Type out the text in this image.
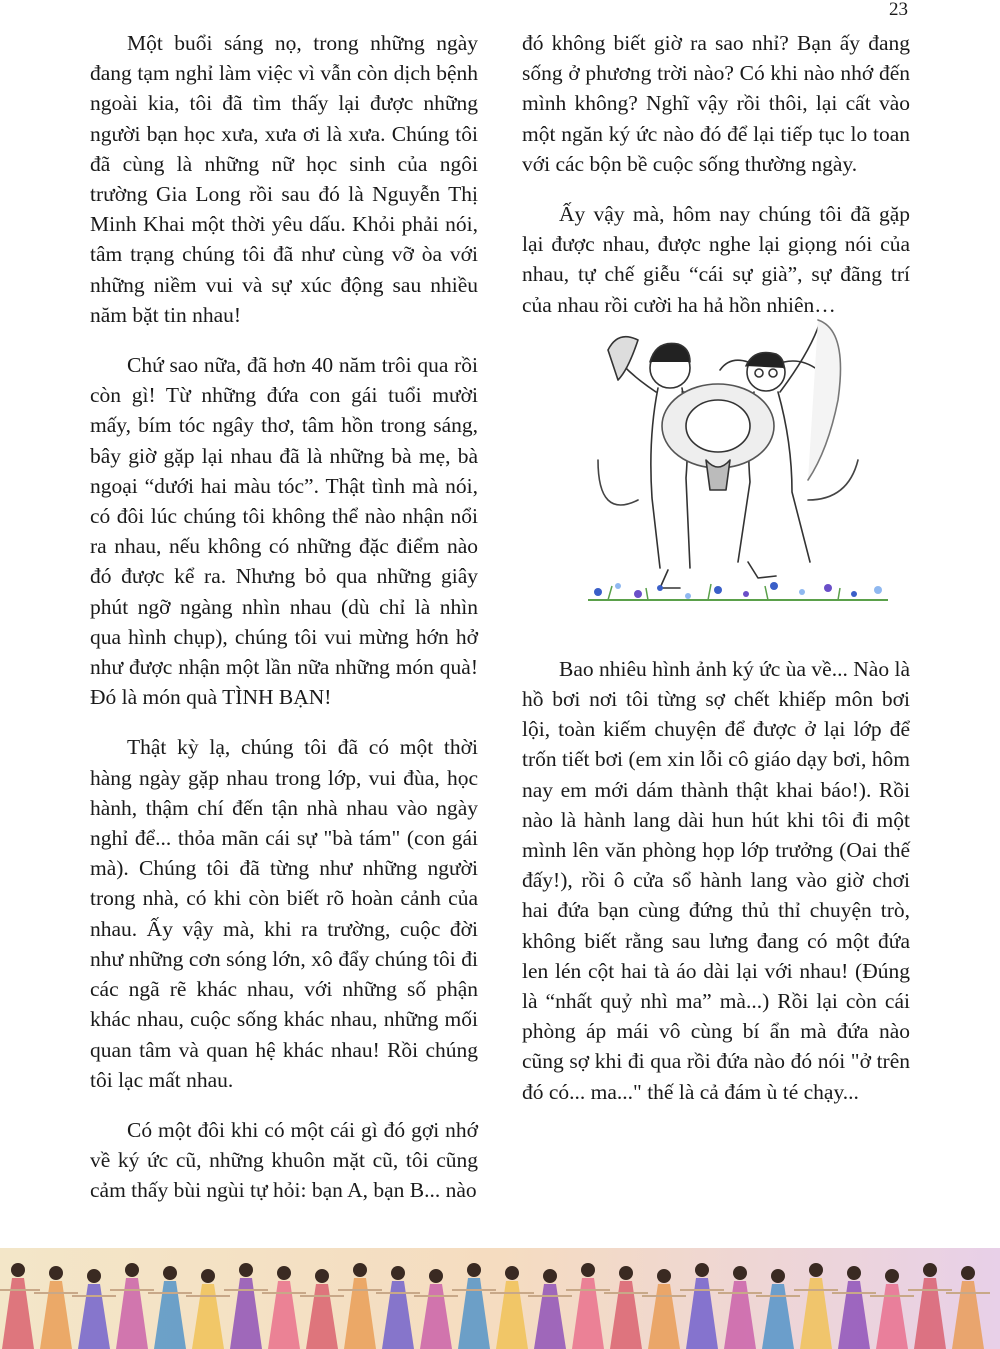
23

Một buổi sáng nọ, trong những ngày đang tạm nghỉ làm việc vì vẫn còn dịch bệnh ngoài kia, tôi đã tìm thấy lại được những người bạn học xưa, xưa ơi là xưa. Chúng tôi đã cùng là những nữ học sinh của ngôi trường Gia Long rồi sau đó là Nguyễn Thị Minh Khai một thời yêu dấu. Khỏi phải nói, tâm trạng chúng tôi đã như cùng vỡ òa với những niềm vui và sự xúc động sau nhiều năm bặt tin nhau!

Chứ sao nữa, đã hơn 40 năm trôi qua rồi còn gì! Từ những đứa con gái tuổi mười mấy, bím tóc ngây thơ, tâm hồn trong sáng, bây giờ gặp lại nhau đã là những bà mẹ, bà ngoại “dưới hai màu tóc”. Thật tình mà nói, có đôi lúc chúng tôi không thể nào nhận nổi ra nhau, nếu không có những đặc điểm nào đó được kể ra. Nhưng bỏ qua những giây phút ngỡ ngàng nhìn nhau (dù chỉ là nhìn qua hình chụp), chúng tôi vui mừng hớn hở như được nhận một lần nữa những món quà! Đó là món quà TÌNH BẠN!

Thật kỳ lạ, chúng tôi đã có một thời hàng ngày gặp nhau trong lớp, vui đùa, học hành, thậm chí đến tận nhà nhau vào ngày nghỉ để... thỏa mãn cái sự "bà tám" (con gái mà). Chúng tôi đã từng như những người trong nhà, có khi còn biết rõ hoàn cảnh của nhau. Ấy vậy mà, khi ra trường, cuộc đời như những cơn sóng lớn, xô đẩy chúng tôi đi các ngã rẽ khác nhau, với những số phận khác nhau, cuộc sống khác nhau, những mối quan tâm và quan hệ khác nhau! Rồi chúng tôi lạc mất nhau.

Có một đôi khi có một cái gì đó gợi nhớ về ký ức cũ, những khuôn mặt cũ, tôi cũng cảm thấy bùi ngùi tự hỏi: bạn A, bạn B... nào

đó không biết giờ ra sao nhỉ? Bạn ấy đang sống ở phương trời nào? Có khi nào nhớ đến mình không? Nghĩ vậy rồi thôi, lại cất vào một ngăn ký ức nào đó để lại tiếp tục lo toan với các bộn bề cuộc sống thường ngày.

Ấy vậy mà, hôm nay chúng tôi đã gặp lại được nhau, được nghe lại giọng nói của nhau, tự chế giễu “cái sự già”, sự đãng trí của nhau rồi cười ha hả hồn nhiên…

Bao nhiêu hình ảnh ký ức ùa về... Nào là hồ bơi nơi tôi từng sợ chết khiếp môn bơi lội, toàn kiếm chuyện để được ở lại lớp để trốn tiết bơi (em xin lỗi cô giáo dạy bơi, hôm nay em mới dám thành thật khai báo!). Rồi nào là hành lang dài hun hút khi tôi đi một mình lên văn phòng họp lớp trưởng (Oai thế đấy!), rồi ô cửa sổ hành lang vào giờ chơi hai đứa bạn cùng đứng thủ thỉ chuyện trò, không biết rằng sau lưng đang có một đứa len lén cột hai tà áo dài lại với nhau! (Đúng là “nhất quỷ nhì ma” mà...) Rồi lại còn cái phòng áp mái vô cùng bí ẩn mà đứa nào cũng sợ khi đi qua rồi đứa nào đó nói "ở trên đó có... ma..." thế là cả đám ù té chạy...
